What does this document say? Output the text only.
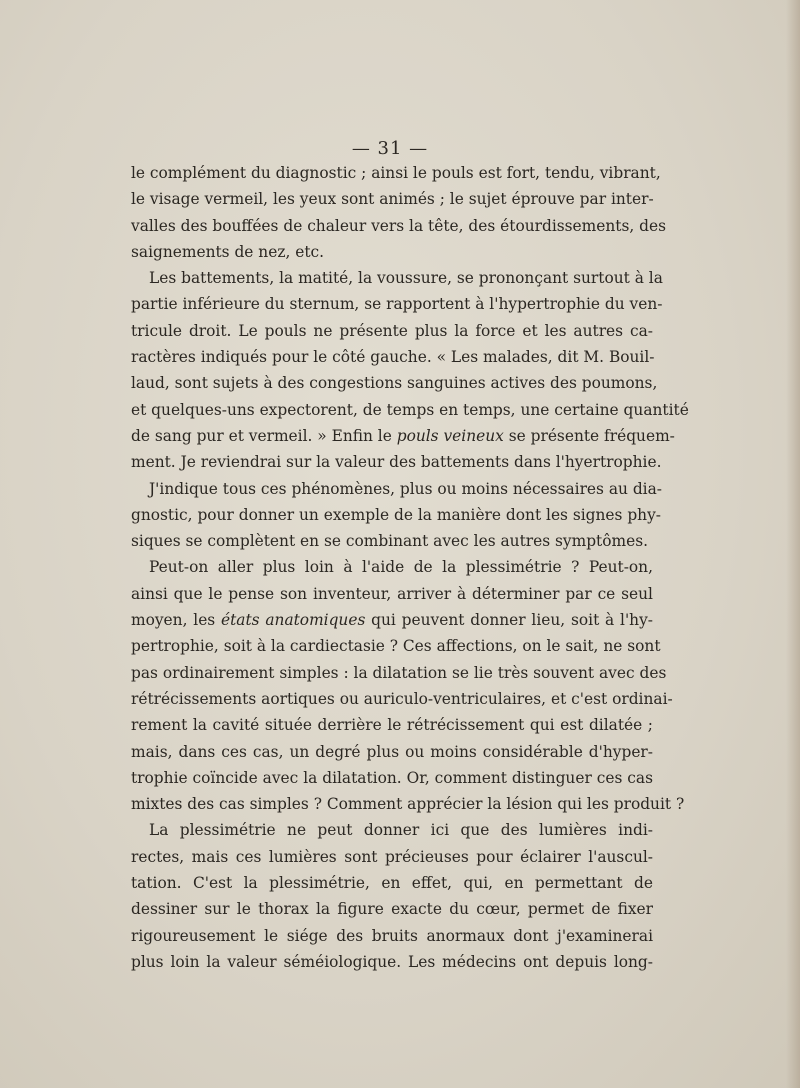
— 31 —
le complément du diagnostic ; ainsi le pouls est fort, tendu, vibrant,
le visage vermeil, les yeux sont animés ; le sujet éprouve par inter-
valles des bouffées de chaleur vers la tête, des étourdissements, des
saignements de nez, etc.
Les battements, la matité, la voussure, se prononçant surtout à la
partie inférieure du sternum, se rapportent à l'hypertrophie du ven-
tricule droit. Le pouls ne présente plus la force et les autres ca-
ractères indiqués pour le côté gauche. « Les malades, dit M. Bouil-
laud, sont sujets à des congestions sanguines actives des poumons,
et quelques-uns expectorent, de temps en temps, une certaine quantité
de sang pur et vermeil. » Enfin le pouls veineux se présente fréquem-
ment. Je reviendrai sur la valeur des battements dans l'hyertrophie.
J'indique tous ces phénomènes, plus ou moins nécessaires au dia-
gnostic, pour donner un exemple de la manière dont les signes phy-
siques se complètent en se combinant avec les autres symptômes.
Peut-on aller plus loin à l'aide de la plessimétrie ? Peut-on,
ainsi que le pense son inventeur, arriver à déterminer par ce seul
moyen, les états anatomiques qui peuvent donner lieu, soit à l'hy-
pertrophie, soit à la cardiectasie ? Ces affections, on le sait, ne sont
pas ordinairement simples : la dilatation se lie très souvent avec des
rétrécissements aortiques ou auriculo-ventriculaires, et c'est ordinai-
rement la cavité située derrière le rétrécissement qui est dilatée ;
mais, dans ces cas, un degré plus ou moins considérable d'hyper-
trophie coïncide avec la dilatation. Or, comment distinguer ces cas
mixtes des cas simples ? Comment apprécier la lésion qui les produit ?
La plessimétrie ne peut donner ici que des lumières indi-
rectes, mais ces lumières sont précieuses pour éclairer l'auscul-
tation. C'est la plessimétrie, en effet, qui, en permettant de
dessiner sur le thorax la figure exacte du cœur, permet de fixer
rigoureusement le siége des bruits anormaux dont j'examinerai
plus loin la valeur séméiologique. Les médecins ont depuis long-
